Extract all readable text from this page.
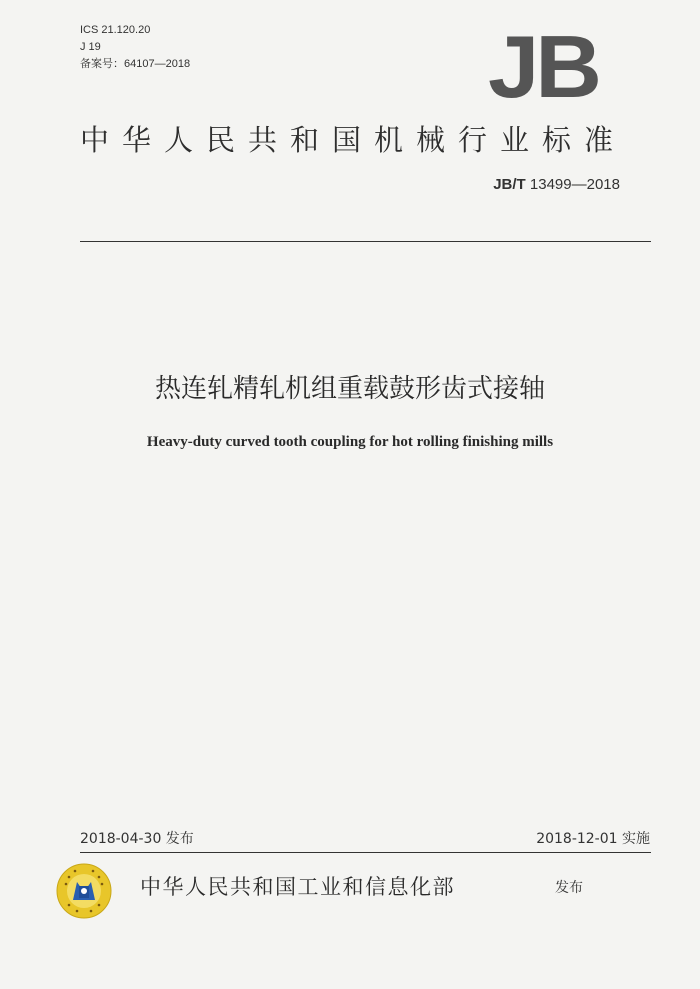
ICS 21.120.20
J 19
备案号：64107—2018	JB
中华人民共和国机械行业标准
JB/T 13499—2018
热连轧精轧机组重载鼓形齿式接轴
Heavy-duty curved tooth coupling for hot rolling finishing mills
2018-04-30 发布	2018-12-01 实施
中华人民共和国工业和信息化部	发布
